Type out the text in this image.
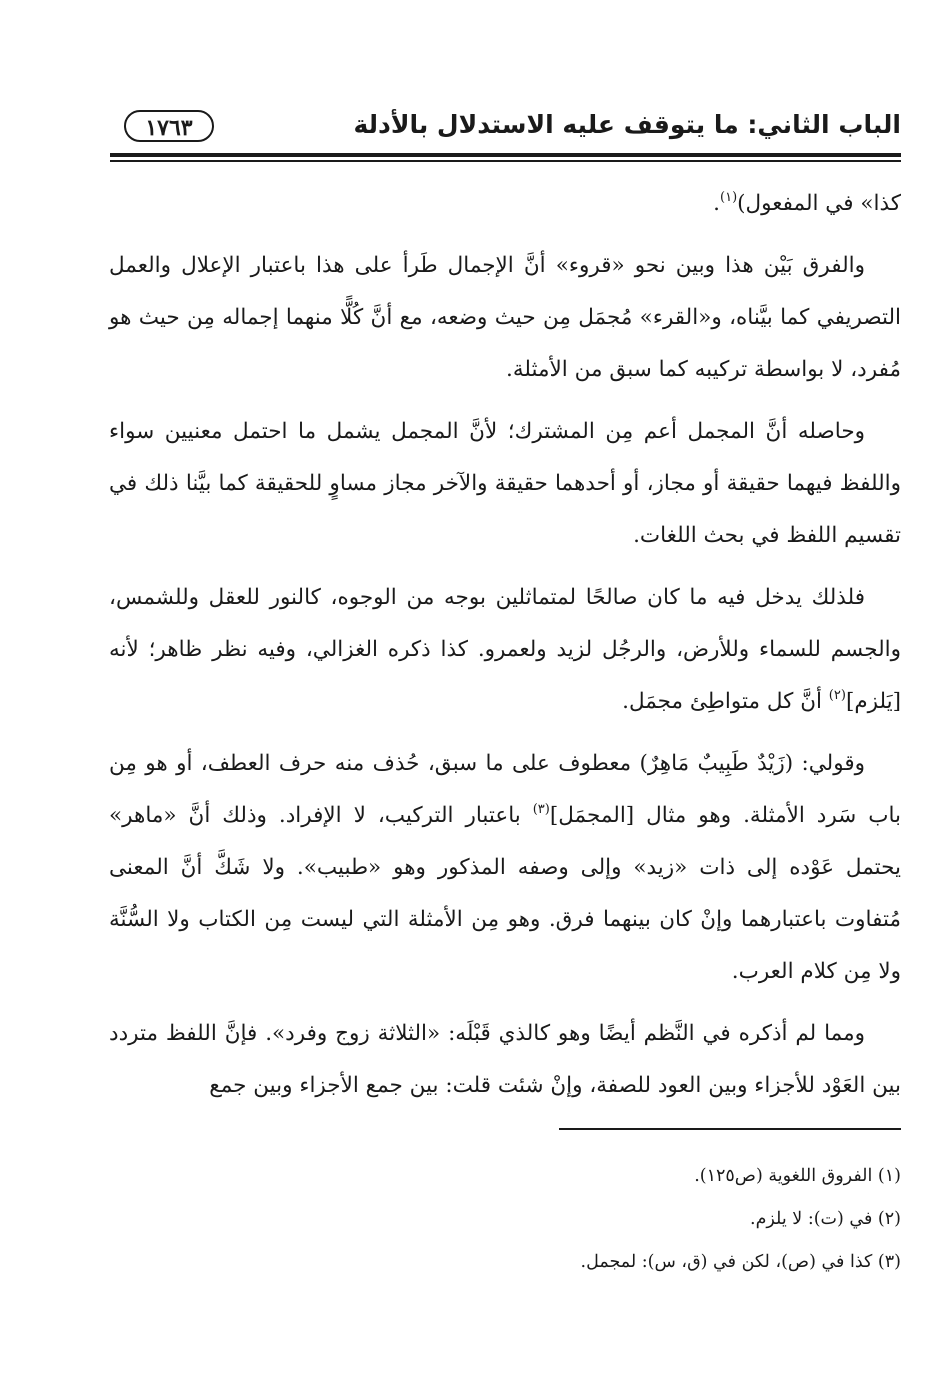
الباب الثاني: ما يتوقف عليه الاستدلال بالأدلة
١٧٦٣

كذا» في المفعول)$^{(١)}$.

والفرق بَيْن هذا وبين نحو «قروء» أنَّ الإجمال طَرأ على هذا باعتبار الإعلال والعمل التصريفي كما بيَّناه، و«القرء» مُجمَل مِن حيث وضعه، مع أنَّ كُلًّا منهما إجماله مِن حيث هو مُفرد، لا بواسطة تركيبه كما سبق من الأمثلة.

وحاصله أنَّ المجمل أعم مِن المشترك؛ لأنَّ المجمل يشمل ما احتمل معنيين سواء واللفظ فيهما حقيقة أو مجاز، أو أحدهما حقيقة والآخر مجاز مساوٍ للحقيقة كما بيَّنا ذلك في تقسيم اللفظ في بحث اللغات.

فلذلك يدخل فيه ما كان صالحًا لمتماثلين بوجه من الوجوه، كالنور للعقل وللشمس، والجسم للسماء وللأرض، والرجُل لزيد ولعمرو. كذا ذكره الغزالي، وفيه نظر ظاهر؛ لأنه [يَلزم]$^{(٢)}$ أنَّ كل متواطِئ مجمَل.

وقولي: (زَيْدٌ طَبِيبٌ مَاهِرٌ) معطوف على ما سبق، حُذف منه حرف العطف، أو هو مِن باب سَرد الأمثلة. وهو مثال [المجمَل]$^{(٣)}$ باعتبار التركيب، لا الإفراد. وذلك أنَّ «ماهر» يحتمل عَوْده إلى ذات «زيد» وإلى وصفه المذكور وهو «طبيب». ولا شَكَّ أنَّ المعنى مُتفاوت باعتبارهما وإنْ كان بينهما فرق. وهو مِن الأمثلة التي ليست مِن الكتاب ولا السُّنَّة ولا مِن كلام العرب.

ومما لم أذكره في النَّظم أيضًا وهو كالذي قَبْلَه: «الثلاثة زوج وفرد». فإنَّ اللفظ متردد بين العَوْد للأجزاء وبين العود للصفة، وإنْ شئت قلت: بين جمع الأجزاء وبين جمع

(١) الفروق اللغوية (ص١٢٥).
(٢) في (ت): لا يلزم.
(٣) كذا في (ص)، لكن في (ق، س): لمجمل.
